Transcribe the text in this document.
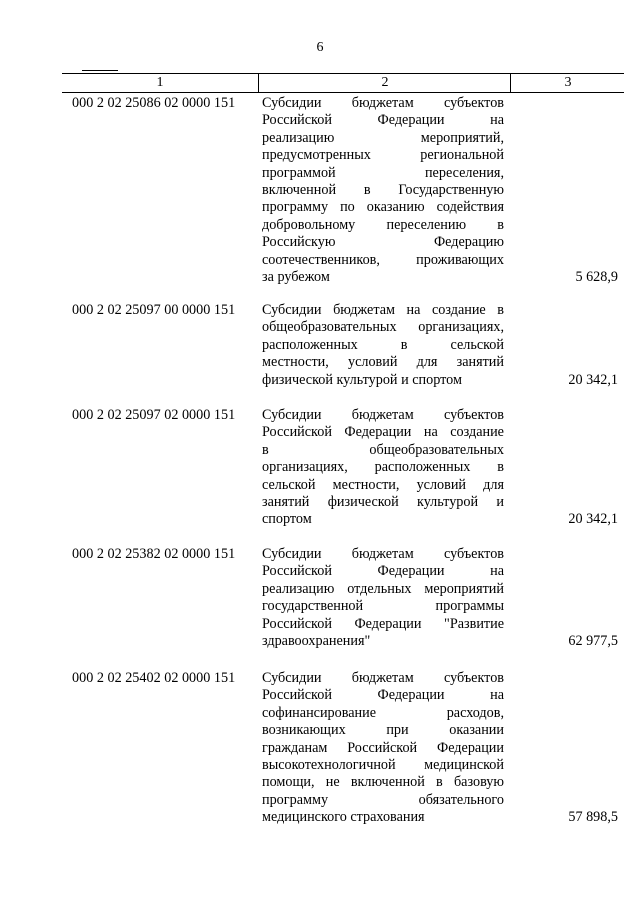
6
1	2	3
000 2 02 25086 02 0000 151 Субсидии бюджетам субъектов
Российской Федерации на
реализацию мероприятий,
предусмотренных региональной
программой переселения,
включенной в Государственную
программу по оказанию содействия
добровольному переселению в
Российскую Федерацию
соотечественников, проживающих
за рубежом	5 628,9
000 2 02 25097 00 0000 151 Субсидии бюджетам на создание в
общеобразовательных организациях,
расположенных в сельской
местности, условий для занятий
физической культурой и спортом	20 342,1
000 2 02 25097 02 0000 151 Субсидии бюджетам субъектов
Российской Федерации на создание
в общеобразовательных
организациях, расположенных в
сельской местности, условий для
занятий физической культурой и
спортом	20 342,1
000 2 02 25382 02 0000 151 Субсидии бюджетам субъектов
Российской Федерации на
реализацию отдельных мероприятий
государственной программы
Российской Федерации "Развитие
здравоохранения"	62 977,5
000 2 02 25402 02 0000 151 Субсидии бюджетам субъектов
Российской Федерации на
софинансирование расходов,
возникающих при оказании
гражданам Российской Федерации
высокотехнологичной медицинской
помощи, не включенной в базовую
программу обязательного
медицинского страхования	57 898,5
